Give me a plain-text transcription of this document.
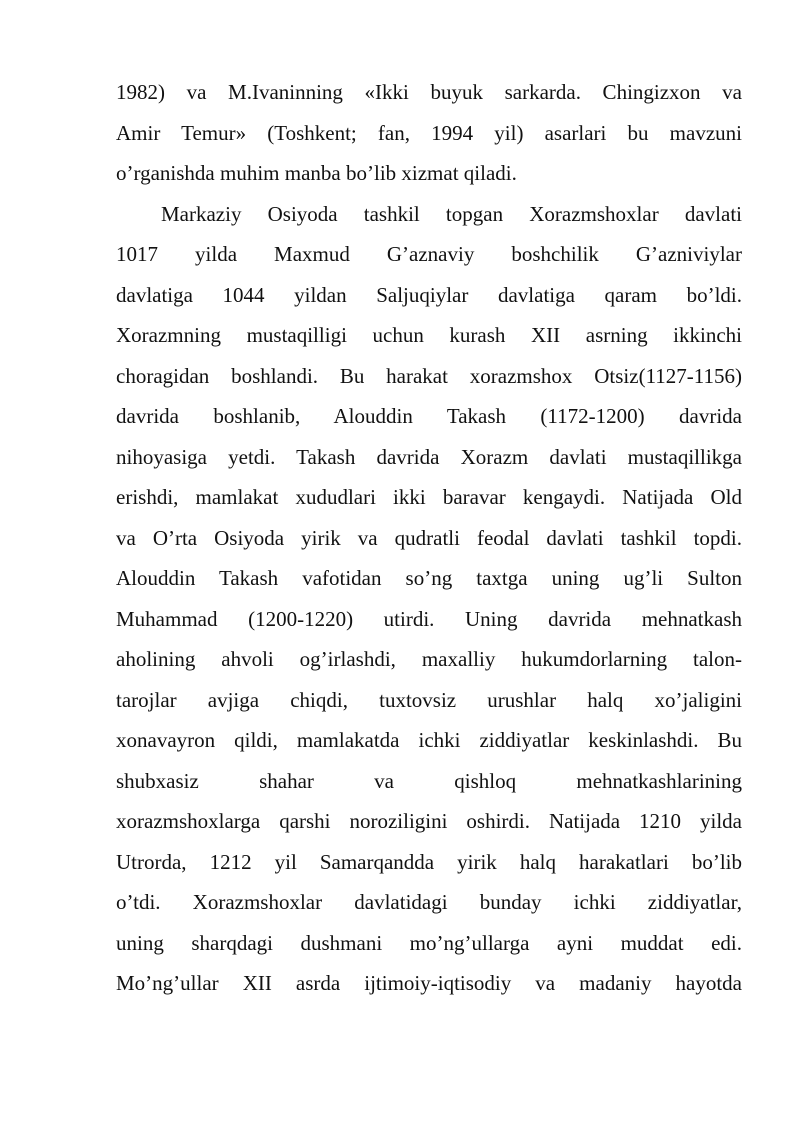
1982) va M.Ivaninning «Ikki buyuk sarkarda. Chingizxon va
Amir Temur» (Toshkent; fan, 1994 yil) asarlari bu mavzuni
o’rganishda muhim manba bo’lib xizmat qiladi.
Markaziy Osiyoda tashkil topgan Xorazmshoxlar davlati
1017 yilda Maxmud G’aznaviy boshchilik G’azniviylar
davlatiga 1044 yildan Saljuqiylar davlatiga qaram bo’ldi.
Xorazmning mustaqilligi uchun kurash XII asrning ikkinchi
choragidan boshlandi. Bu harakat xorazmshox Otsiz(1127-1156)
davrida boshlanib, Alouddin Takash (1172-1200) davrida
nihoyasiga yetdi. Takash davrida Xorazm davlati mustaqillikga
erishdi, mamlakat xududlari ikki baravar kengaydi. Natijada Old
va O’rta Osiyoda yirik va qudratli feodal davlati tashkil topdi.
Alouddin Takash vafotidan so’ng taxtga uning ug’li Sulton
Muhammad (1200-1220) utirdi. Uning davrida mehnatkash
aholining ahvoli og’irlashdi, maxalliy hukumdorlarning talon-
tarojlar avjiga chiqdi, tuxtovsiz urushlar halq xo’jaligini
xonavayron qildi, mamlakatda ichki ziddiyatlar keskinlashdi. Bu
shubxasiz shahar va qishloq mehnatkashlarining
xorazmshoxlarga qarshi noroziligini oshirdi. Natijada 1210 yilda
Utrorda, 1212 yil Samarqandda yirik halq harakatlari bo’lib
o’tdi. Xorazmshoxlar davlatidagi bunday ichki ziddiyatlar,
uning sharqdagi dushmani mo’ng’ullarga ayni muddat edi.
Mo’ng’ullar XII asrda ijtimoiy-iqtisodiy va madaniy hayotda
